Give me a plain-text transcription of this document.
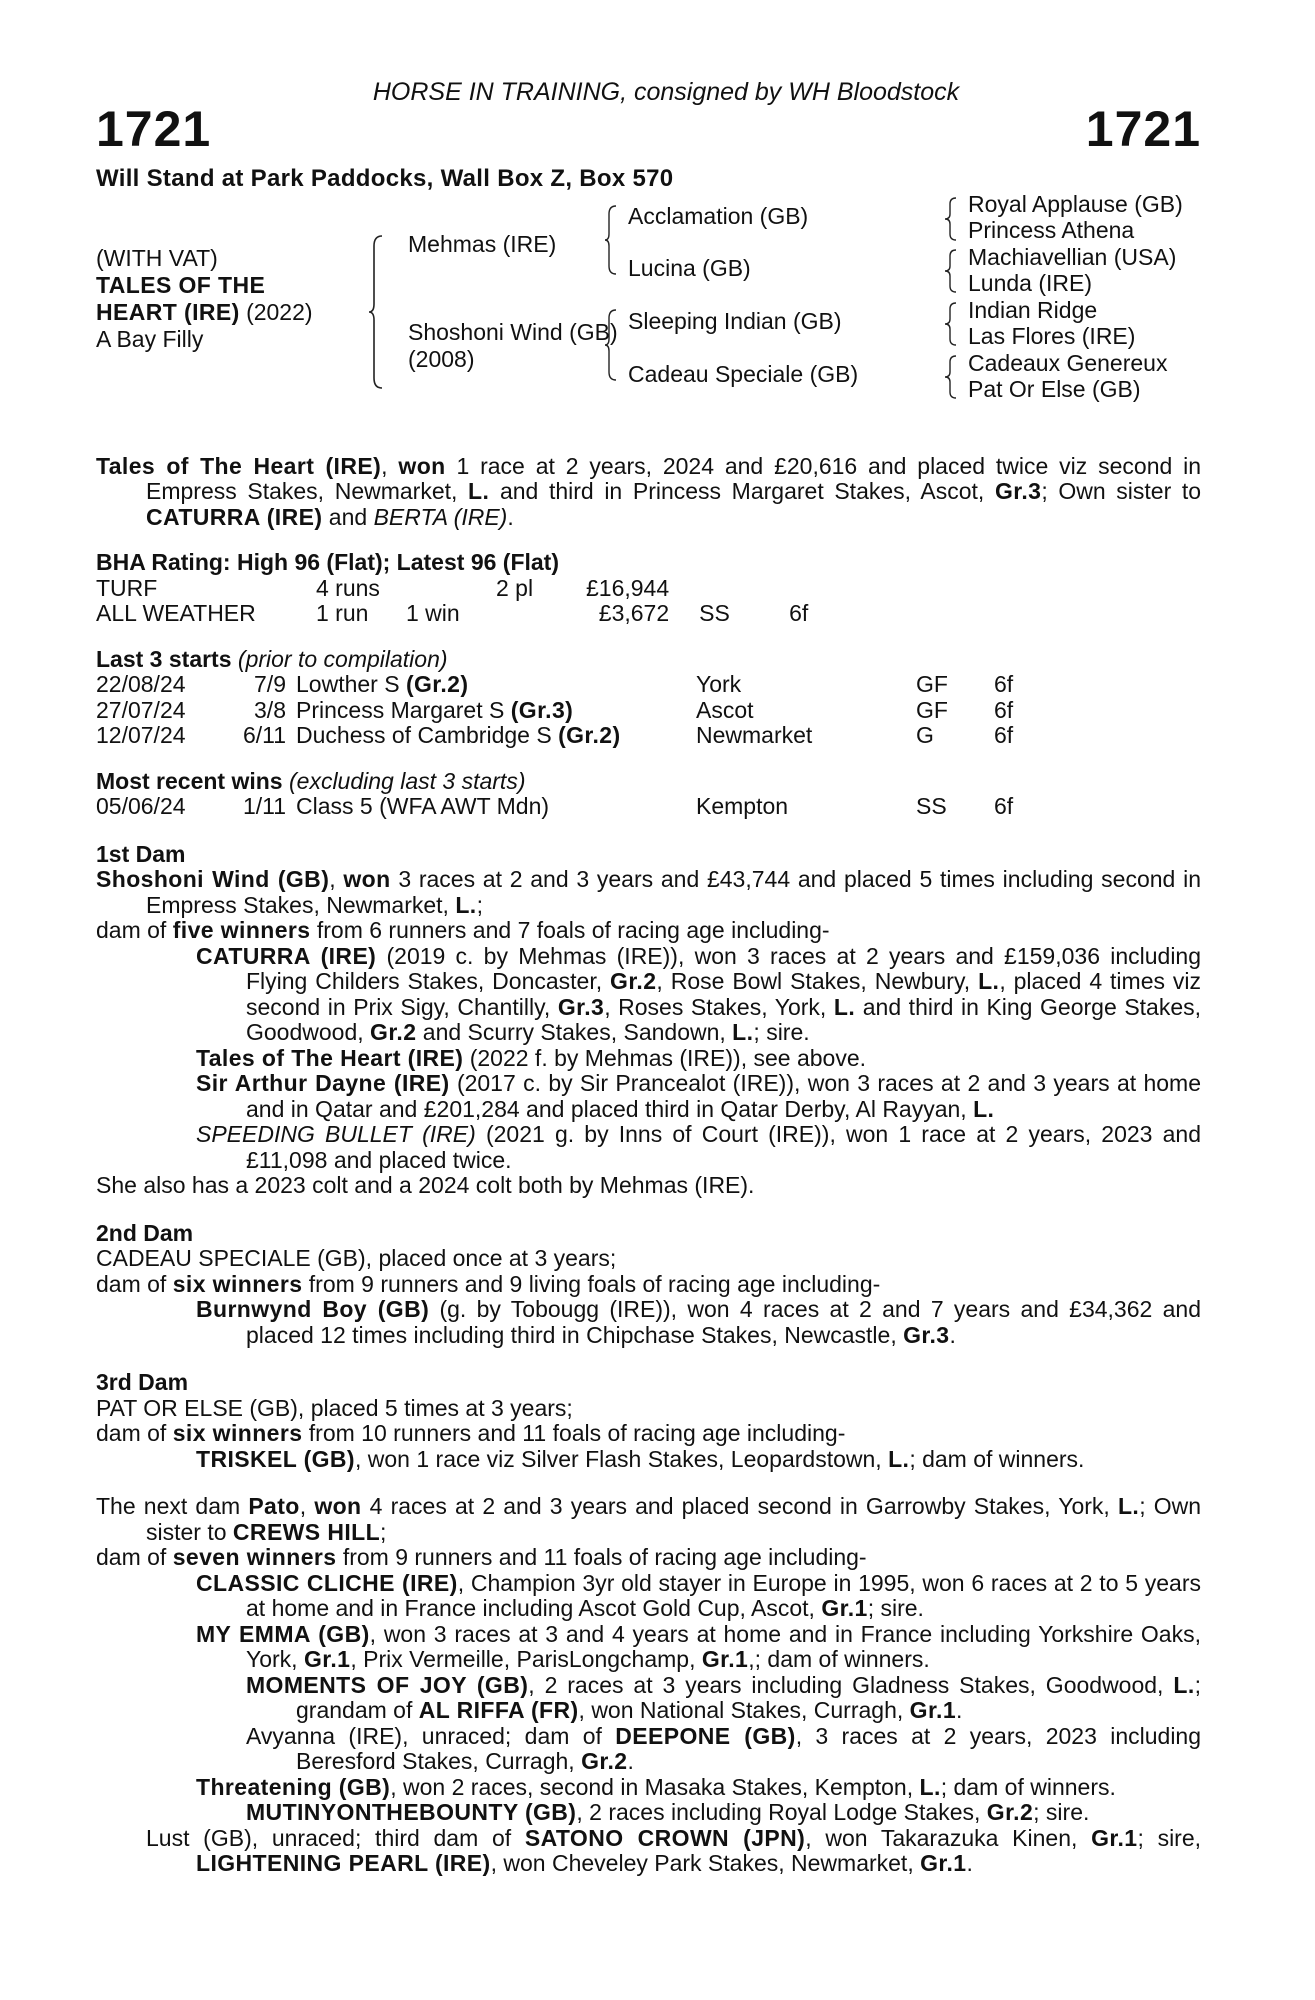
HORSE IN TRAINING, consigned by WH Bloodstock
1721	1721
Will Stand at Park Paddocks, Wall Box Z, Box 570
(WITH VAT)
TALES OF THE
HEART (IRE) (2022)
A Bay Filly
Mehmas (IRE)
Shoshoni Wind (GB)
(2008)
Acclamation (GB)
Lucina (GB)
Sleeping Indian (GB)
Cadeau Speciale (GB)
Royal Applause (GB)
Princess Athena
Machiavellian (USA)
Lunda (IRE)
Indian Ridge
Las Flores (IRE)
Cadeaux Genereux
Pat Or Else (GB)
Tales of The Heart (IRE), won 1 race at 2 years, 2024 and £20,616 and placed twice viz second in Empress Stakes, Newmarket, L. and third in Princess Margaret Stakes, Ascot, Gr.3; Own sister to CATURRA (IRE) and BERTA (IRE).
BHA Rating: High 96 (Flat); Latest 96 (Flat)
TURF	4 runs		2 pl	£16,944		
ALL WEATHER	1 run	1 win		£3,672	SS	6f
Last 3 starts (prior to compilation)
22/08/24	7/9	Lowther S (Gr.2)	York	GF	6f
27/07/24	3/8	Princess Margaret S (Gr.3)	Ascot	GF	6f
12/07/24	6/11	Duchess of Cambridge S (Gr.2)	Newmarket	G	6f
Most recent wins (excluding last 3 starts)
05/06/24	1/11	Class 5 (WFA AWT Mdn)	Kempton	SS	6f
1st Dam
Shoshoni Wind (GB), won 3 races at 2 and 3 years and £43,744 and placed 5 times including second in Empress Stakes, Newmarket, L.;
dam of five winners from 6 runners and 7 foals of racing age including-
CATURRA (IRE) (2019 c. by Mehmas (IRE)), won 3 races at 2 years and £159,036 including Flying Childers Stakes, Doncaster, Gr.2, Rose Bowl Stakes, Newbury, L., placed 4 times viz second in Prix Sigy, Chantilly, Gr.3, Roses Stakes, York, L. and third in King George Stakes, Goodwood, Gr.2 and Scurry Stakes, Sandown, L.; sire.
Tales of The Heart (IRE) (2022 f. by Mehmas (IRE)), see above.
Sir Arthur Dayne (IRE) (2017 c. by Sir Prancealot (IRE)), won 3 races at 2 and 3 years at home and in Qatar and £201,284 and placed third in Qatar Derby, Al Rayyan, L.
SPEEDING BULLET (IRE) (2021 g. by Inns of Court (IRE)), won 1 race at 2 years, 2023 and £11,098 and placed twice.
She also has a 2023 colt and a 2024 colt both by Mehmas (IRE).
2nd Dam
CADEAU SPECIALE (GB), placed once at 3 years;
dam of six winners from 9 runners and 9 living foals of racing age including-
Burnwynd Boy (GB) (g. by Tobougg (IRE)), won 4 races at 2 and 7 years and £34,362 and placed 12 times including third in Chipchase Stakes, Newcastle, Gr.3.
3rd Dam
PAT OR ELSE (GB), placed 5 times at 3 years;
dam of six winners from 10 runners and 11 foals of racing age including-
TRISKEL (GB), won 1 race viz Silver Flash Stakes, Leopardstown, L.; dam of winners.
The next dam Pato, won 4 races at 2 and 3 years and placed second in Garrowby Stakes, York, L.; Own sister to CREWS HILL;
dam of seven winners from 9 runners and 11 foals of racing age including-
CLASSIC CLICHE (IRE), Champion 3yr old stayer in Europe in 1995, won 6 races at 2 to 5 years at home and in France including Ascot Gold Cup, Ascot, Gr.1; sire.
MY EMMA (GB), won 3 races at 3 and 4 years at home and in France including Yorkshire Oaks, York, Gr.1, Prix Vermeille, ParisLongchamp, Gr.1,; dam of winners.
MOMENTS OF JOY (GB), 2 races at 3 years including Gladness Stakes, Goodwood, L.; grandam of AL RIFFA (FR), won National Stakes, Curragh, Gr.1.
Avyanna (IRE), unraced; dam of DEEPONE (GB), 3 races at 2 years, 2023 including Beresford Stakes, Curragh, Gr.2.
Threatening (GB), won 2 races, second in Masaka Stakes, Kempton, L.; dam of winners.
MUTINYONTHEBOUNTY (GB), 2 races including Royal Lodge Stakes, Gr.2; sire.
Lust (GB), unraced; third dam of SATONO CROWN (JPN), won Takarazuka Kinen, Gr.1; sire, LIGHTENING PEARL (IRE), won Cheveley Park Stakes, Newmarket, Gr.1.
